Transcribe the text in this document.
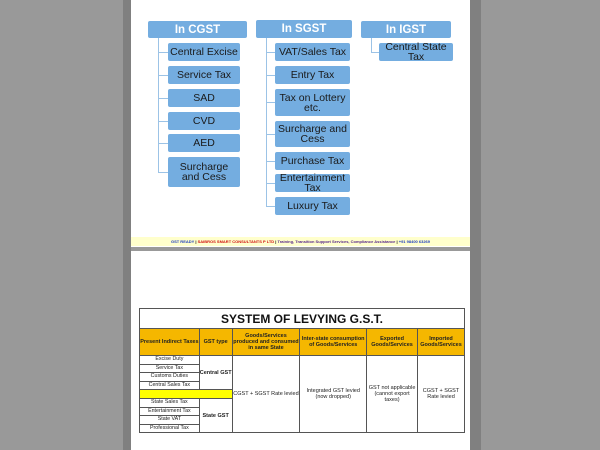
In CGST
Central Excise
Service Tax
SAD
CVD
AED
Surcharge and Cess
In SGST
VAT/Sales Tax
Entry Tax
Tax on Lottery etc.
Surcharge and Cess
Purchase Tax
Entertainment Tax
Luxury Tax
In IGST
Central State Tax
GST READY | SAIBROS SMART CONSULTANTS P LTD | Training, Transition Support Services, Compliance Assistance | +91 98400 63269
SYSTEM OF LEVYING G.S.T.					
Present Indirect Taxes	GST type	Goods/Services produced and consumed in same State	Inter-state consumption of Goods/Services	Exported Goods/Services	Imported Goods/Services
Excise Duty	Central GST	CGST + SGST Rate levied	Integrated GST levied (now dropped)	GST not applicable (cannot export taxes)	CGST + SGST Rate levied
Service Tax					
Customs Duties					
Central Sales Tax					

State Sales Tax	State GST				
Entertainment Tax					
State VAT					
Professional Tax					
